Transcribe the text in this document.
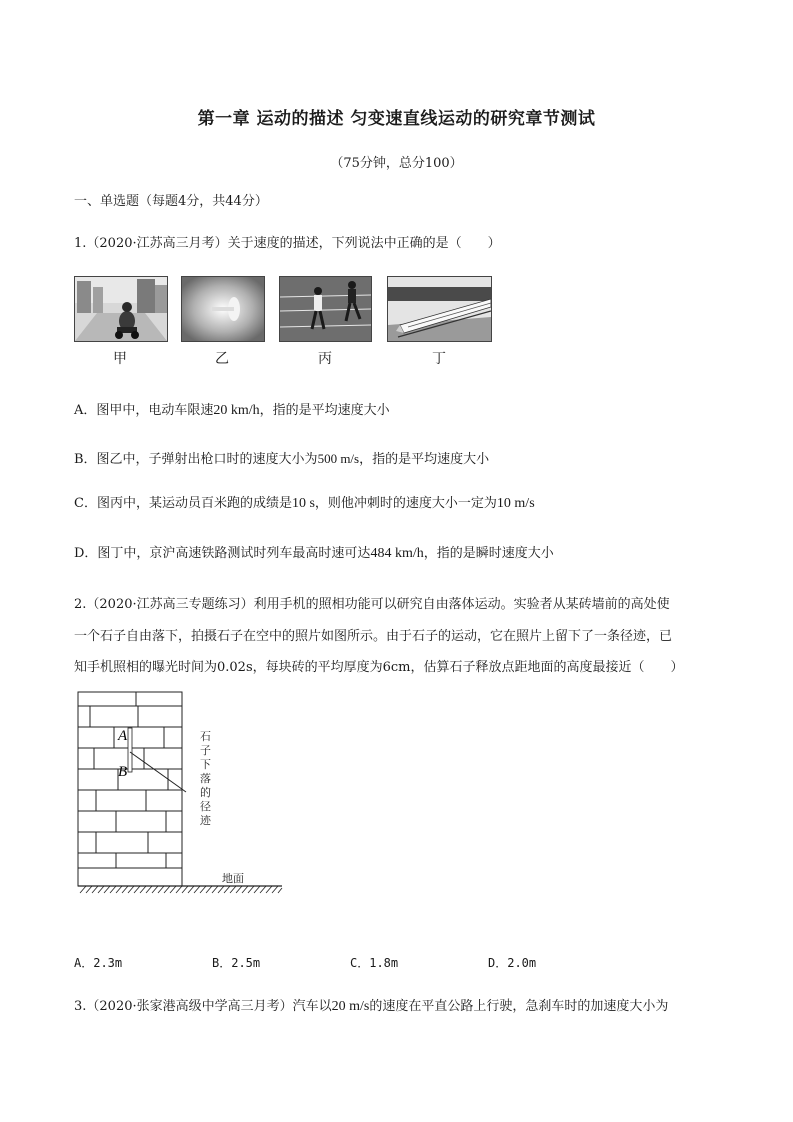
第一章 运动的描述 匀变速直线运动的研究章节测试
（75分钟，总分100）
一、单选题（每题4分，共44分）
1.（2020·江苏高三月考）关于速度的描述，下列说法中正确的是（　　）
甲	乙	丙	丁
A．图甲中，电动车限速20 km/h，指的是平均速度大小
B．图乙中，子弹射出枪口时的速度大小为500 m/s，指的是平均速度大小
C．图丙中，某运动员百米跑的成绩是10 s，则他冲刺时的速度大小一定为10 m/s
D．图丁中，京沪高速铁路测试时列车最高时速可达484 km/h，指的是瞬时速度大小
2.（2020·江苏高三专题练习）利用手机的照相功能可以研究自由落体运动。实验者从某砖墙前的高处使
一个石子自由落下，拍摄石子在空中的照片如图所示。由于石子的运动，它在照片上留下了一条径迹，已
知手机照相的曝光时间为0.02s，每块砖的平均厚度为6cm，估算石子释放点距地面的高度最接近（　　）
A
B
石
子
下
落
的
径
迹
地面
A．2.3m	B．2.5m	C．1.8m	D．2.0m
3.（2020·张家港高级中学高三月考）汽车以20 m/s的速度在平直公路上行驶，急刹车时的加速度大小为
